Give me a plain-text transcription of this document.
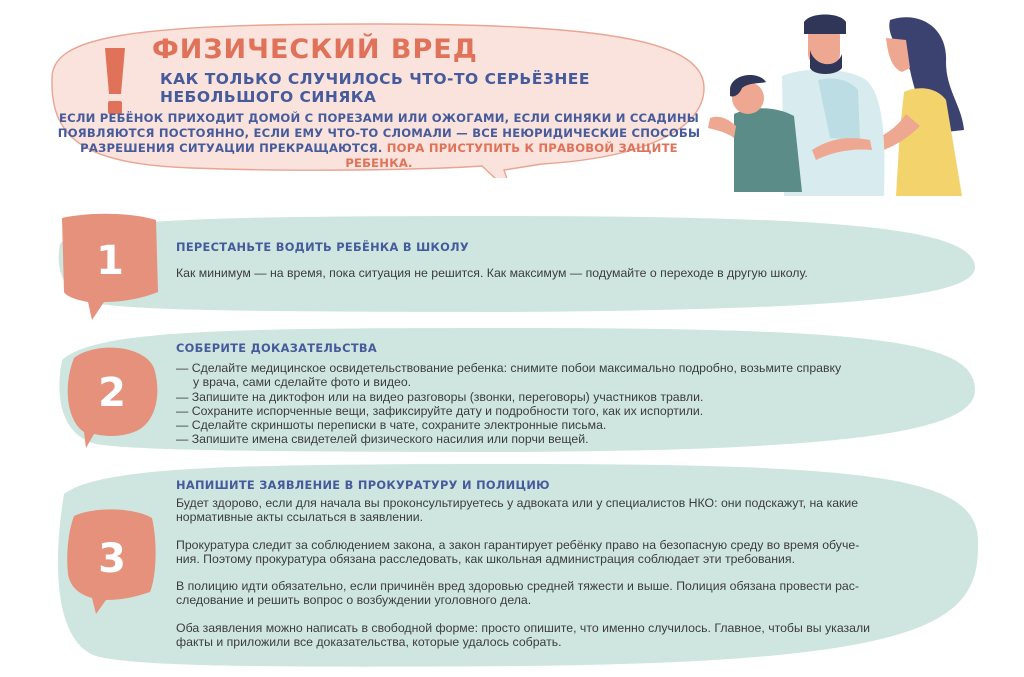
ФИЗИЧЕСКИЙ ВРЕД
КАК ТОЛЬКО СЛУЧИЛОСЬ ЧТО-ТО СЕРЬЁЗНЕЕ
НЕБОЛЬШОГО СИНЯКА
ЕСЛИ РЕБЁНОК ПРИХОДИТ ДОМОЙ С ПОРЕЗАМИ ИЛИ ОЖОГАМИ, ЕСЛИ СИНЯКИ И ССАДИНЫ
ПОЯВЛЯЮТСЯ ПОСТОЯННО, ЕСЛИ ЕМУ ЧТО-ТО СЛОМАЛИ — ВСЕ НЕЮРИДИЧЕСКИЕ СПОСОБЫ
РАЗРЕШЕНИЯ СИТУАЦИИ ПРЕКРАЩАЮТСЯ. ПОРА ПРИСТУПИТЬ К ПРАВОВОЙ ЗАЩИТЕ РЕБЕНКА.
1	ПЕРЕСТАНЬТЕ ВОДИТЬ РЕБЁНКА В ШКОЛУ
Как минимум — на время, пока ситуация не решится. Как максимум — подумайте о переходе в другую школу.
2
СОБЕРИТЕ ДОКАЗАТЕЛЬСТВА
— Сделайте медицинское освидетельствование ребенка: снимите побои максимально подробно, возьмите справку
у врача, сами сделайте фото и видео.
— Запишите на диктофон или на видео разговоры (звонки, переговоры) участников травли.
— Сохраните испорченные вещи, зафиксируйте дату и подробности того, как их испортили.
— Сделайте скриншоты переписки в чате, сохраните электронные письма.
— Запишите имена свидетелей физического насилия или порчи вещей.
3
НАПИШИТЕ ЗАЯВЛЕНИЕ В ПРОКУРАТУРУ И ПОЛИЦИЮ

Будет здорово, если для начала вы проконсультируетесь у адвоката или у специалистов НКО: они подскажут, на какие
нормативные акты ссылаться в заявлении.

Прокуратура следит за соблюдением закона, а закон гарантирует ребёнку право на безопасную среду во время обуче-
ния. Поэтому прокуратура обязана расследовать, как школьная администрация соблюдает эти требования.

В полицию идти обязательно, если причинён вред здоровью средней тяжести и выше. Полиция обязана провести рас-
следование и решить вопрос о возбуждении уголовного дела.

Оба заявления можно написать в свободной форме: просто опишите, что именно случилось. Главное, чтобы вы указали
факты и приложили все доказательства, которые удалось собрать.
